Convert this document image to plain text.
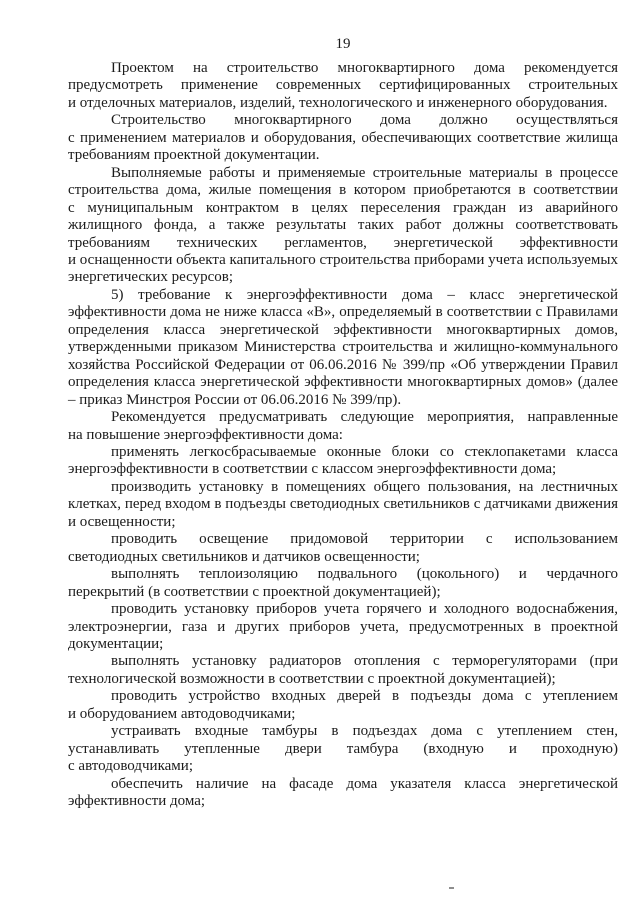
19

Проектом на строительство многоквартирного дома рекомендуется предусмотреть применение современных сертифицированных строительных и отделочных материалов, изделий, технологического и инженерного оборудования.

Строительство многоквартирного дома должно осуществляться с применением материалов и оборудования, обеспечивающих соответствие жилища требованиям проектной документации.

Выполняемые работы и применяемые строительные материалы в процессе строительства дома, жилые помещения в котором приобретаются в соответствии с муниципальным контрактом в целях переселения граждан из аварийного жилищного фонда, а также результаты таких работ должны соответствовать требованиям технических регламентов, энергетической эффективности и оснащенности объекта капитального строительства приборами учета используемых энергетических ресурсов;

5) требование к энергоэффективности дома – класс энергетической эффективности дома не ниже класса «В», определяемый в соответствии с Правилами определения класса энергетической эффективности многоквартирных домов, утвержденными приказом Министерства строительства и жилищно-коммунального хозяйства Российской Федерации от 06.06.2016 № 399/пр «Об утверждении Правил определения класса энергетической эффективности многоквартирных домов» (далее – приказ Минстроя России от 06.06.2016 № 399/пр).

Рекомендуется предусматривать следующие мероприятия, направленные на повышение энергоэффективности дома:

применять легкосбрасываемые оконные блоки со стеклопакетами класса энергоэффективности в соответствии с классом энергоэффективности дома;

производить установку в помещениях общего пользования, на лестничных клетках, перед входом в подъезды светодиодных светильников с датчиками движения и освещенности;

проводить освещение придомовой территории с использованием светодиодных светильников и датчиков освещенности;

выполнять теплоизоляцию подвального (цокольного) и чердачного перекрытий (в соответствии с проектной документацией);

проводить установку приборов учета горячего и холодного водоснабжения, электроэнергии, газа и других приборов учета, предусмотренных в проектной документации;

выполнять установку радиаторов отопления с терморегуляторами (при технологической возможности в соответствии с проектной документацией);

проводить устройство входных дверей в подъезды дома с утеплением и оборудованием автодоводчиками;

устраивать входные тамбуры в подъездах дома с утеплением стен, устанавливать утепленные двери тамбура (входную и проходную) с автодоводчиками;

обеспечить наличие на фасаде дома указателя класса энергетической эффективности дома;
